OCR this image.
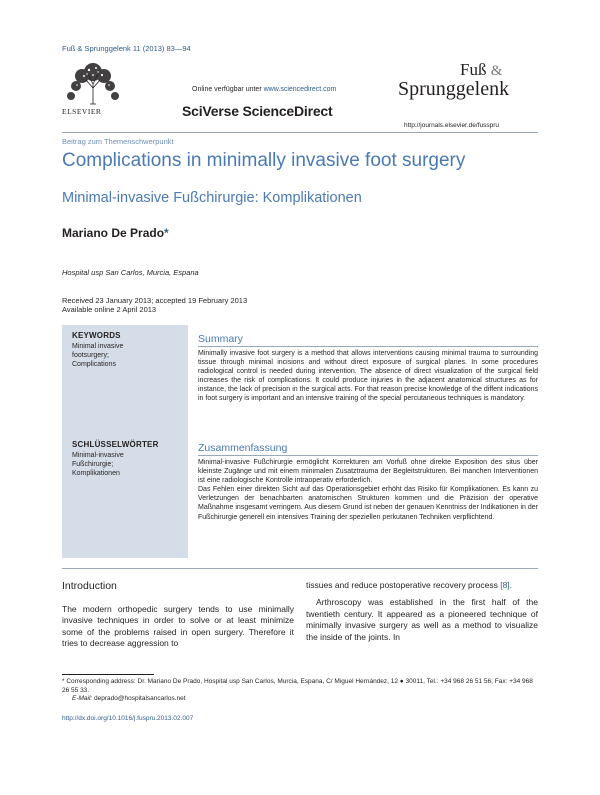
Fuß & Sprunggelenk 11 (2013) 83—94
ELSEVIER
Online verfügbar unter www.sciencedirect.com
SciVerse ScienceDirect
Fuß &
Sprunggelenk
http://journals.elsevier.de/fusspru
Beitrag zum Themenschwerpunkt
Complications in minimally invasive foot surgery
Minimal-invasive Fußchirurgie: Komplikationen
Mariano De Prado*
Hospital usp San Carlos, Murcia, Espana
Received 23 January 2013; accepted 19 February 2013
Available online 2 April 2013
KEYWORDS
Minimal invasive
footsurgery;
Complications
SCHLÜSSELWÖRTER
Minimal-invasive
Fußchirurgie;
Komplikationen
Summary
Minimally invasive foot surgery is a method that allows interventions causing minimal trauma to surrounding tissue through minimal incisions and without direct exposure of surgical planes. In some procedures radiological control is needed during intervention. The absence of direct visualization of the surgical field increases the risk of complications. It could produce injuries in the adjacent anatomical structures as for instance, the lack of precision in the surgical acts. For that reason precise knowledge of the diffent indications in foot surgery is important and an intensive training of the special percutaneous techniques is mandatory.
Zusammenfassung

Minimal-invasive Fußchirurgie ermöglicht Korrekturen am Vorfuß ohne direkte Exposition des situs über kleinste Zugänge und mit einem minimalen Zusatztrauma der Begleitstrukturen. Bei manchen Interventionen ist eine radiologische Kontrolle intraoperativ erforderlich.

Das Fehlen einer direkten Sicht auf das Operationsgebiet erhöht das Risiko für Komplikationen. Es kann zu Verletzungen der benachbarten anatomischen Strukturen kommen und die Präzision der operative Maßnahme insgesamt verringern. Aus diesem Grund ist neben der genauen Kenntniss der Indikationen in der Fußchirurgie generell ein intensives Training der speziellen perkutanen Techniken verpflichtend.

Introduction
The modern orthopedic surgery tends to use minimally invasive techniques in order to solve or at least minimize some of the problems raised in open surgery. Therefore it tries to decrease aggression to

tissues and reduce postoperative recovery process [8].

Arthroscopy was established in the first half of the twentieth century. It appeared as a pioneered technique of minimally invasive surgery as well as a method to visualize the inside of the joints. In

* Corresponding address: Dr. Mariano De Prado, Hospital usp San Carlos, Murcia, Espana, C/ Miguel Hernández, 12 ● 30011, Tel.: +34 968 26 51 56; Fax: +34 968 26 55 33.
E-Mail: deprado@hospitalsancarlos.net
http://dx.doi.org/10.1016/j.fuspru.2013.02.007
